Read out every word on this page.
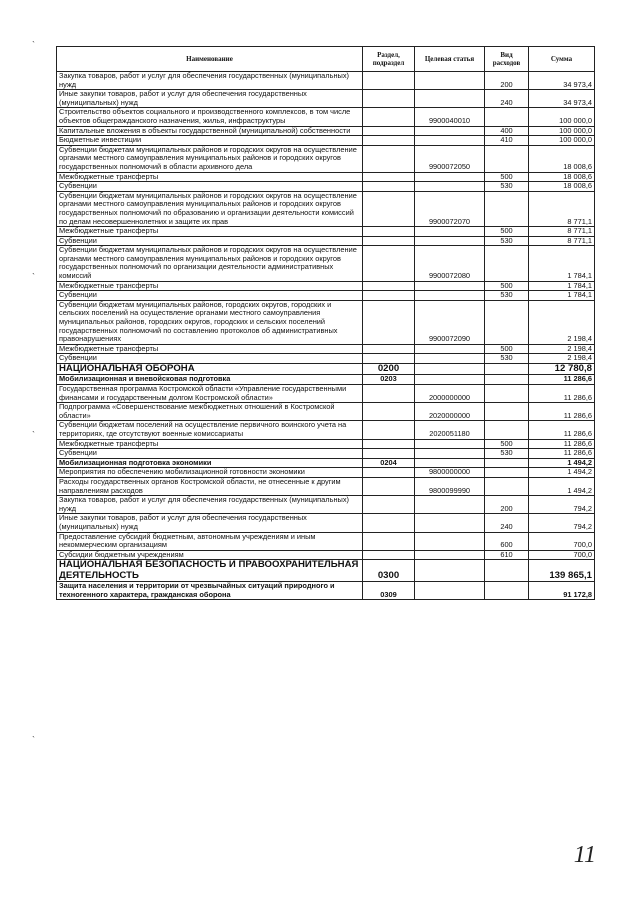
`
`
`
`
Наименование	Раздел, подраздел	Целевая статья	Вид расходов	Сумма
Закупка товаров, работ и услуг для обеспечения государственных (муниципальных) нужд			200	34 973,4
Иные закупки товаров, работ и услуг для обеспечения государственных (муниципальных) нужд			240	34 973,4
Строительство объектов социального и производственного комплексов, в том числе объектов общегражданского назначения, жилья, инфраструктуры		9900040010		100 000,0
Капитальные вложения в объекты государственной (муниципальной) собственности			400	100 000,0
Бюджетные инвестиции			410	100 000,0
Субвенции бюджетам муниципальных районов и городских округов на осуществление органами местного самоуправления муниципальных районов и городских округов государственных полномочий в области архивного дела		9900072050		18 008,6
Межбюджетные трансферты			500	18 008,6
Субвенции			530	18 008,6
Субвенции бюджетам муниципальных районов и городских округов на осуществление органами местного самоуправления муниципальных районов и городских округов государственных полномочий по образованию и организации деятельности комиссий по делам несовершеннолетних и защите их прав		9900072070		8 771,1
Межбюджетные трансферты			500	8 771,1
Субвенции			530	8 771,1
Субвенции бюджетам муниципальных районов и городских округов на осуществление органами местного самоуправления муниципальных районов и городских округов государственных полномочий по организации деятельности административных комиссий		9900072080		1 784,1
Межбюджетные трансферты			500	1 784,1
Субвенции			530	1 784,1
Субвенции бюджетам муниципальных районов, городских округов, городских и сельских поселений на осуществление органами местного самоуправления муниципальных районов, городских округов, городских и сельских поселений государственных полномочий по составлению протоколов об административных правонарушениях		9900072090		2 198,4
Межбюджетные трансферты			500	2 198,4
Субвенции			530	2 198,4
НАЦИОНАЛЬНАЯ ОБОРОНА	0200			12 780,8
Мобилизационная и вневойсковая подготовка	0203			11 286,6
Государственная программа Костромской области «Управление государственными финансами и государственным долгом Костромской области»		2000000000		11 286,6
Подпрограмма «Совершенствование межбюджетных отношений в Костромской области»		2020000000		11 286,6
Субвенции бюджетам поселений на осуществление первичного воинского учета на территориях, где отсутствуют военные комиссариаты		2020051180		11 286,6
Межбюджетные трансферты			500	11 286,6
Субвенции			530	11 286,6
Мобилизационная подготовка экономики	0204			1 494,2
Мероприятия по обеспечению мобилизационной готовности экономики		9800000000		1 494,2
Расходы государственных органов Костромской области, не отнесенные к другим направлениям расходов		9800099990		1 494,2
Закупка товаров, работ и услуг для обеспечения государственных (муниципальных) нужд			200	794,2
Иные закупки товаров, работ и услуг для обеспечения государственных (муниципальных) нужд			240	794,2
Предоставление субсидий бюджетным, автономным учреждениям и иным некоммерческим организациям			600	700,0
Субсидии бюджетным учреждениям			610	700,0
НАЦИОНАЛЬНАЯ БЕЗОПАСНОСТЬ И ПРАВООХРАНИТЕЛЬНАЯ ДЕЯТЕЛЬНОСТЬ	0300			139 865,1
Защита населения и территории от чрезвычайных ситуаций природного и техногенного характера, гражданская оборона	0309			91 172,8
11
